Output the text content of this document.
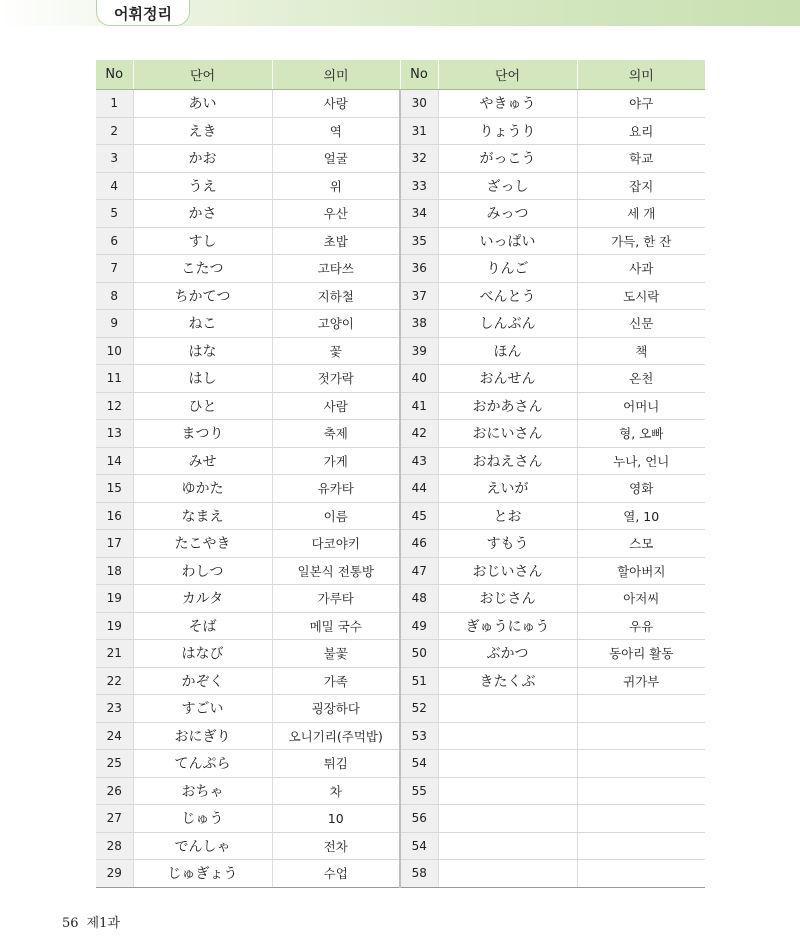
어휘정리
No	단어	의미	No	단어	의미
1	あい	사랑	30	やきゅう	야구
2	えき	역	31	りょうり	요리
3	かお	얼굴	32	がっこう	학교
4	うえ	위	33	ざっし	잡지
5	かさ	우산	34	みっつ	세 개
6	すし	초밥	35	いっぱい	가득, 한 잔
7	こたつ	고타쓰	36	りんご	사과
8	ちかてつ	지하철	37	べんとう	도시락
9	ねこ	고양이	38	しんぶん	신문
10	はな	꽃	39	ほん	책
11	はし	젓가락	40	おんせん	온천
12	ひと	사람	41	おかあさん	어머니
13	まつり	축제	42	おにいさん	형, 오빠
14	みせ	가게	43	おねえさん	누나, 언니
15	ゆかた	유카타	44	えいが	영화
16	なまえ	이름	45	とお	열, 10
17	たこやき	다코야키	46	すもう	스모
18	わしつ	일본식 전통방	47	おじいさん	할아버지
19	カルタ	가루타	48	おじさん	아저씨
19	そば	메밀 국수	49	ぎゅうにゅう	우유
21	はなび	불꽃	50	ぶかつ	동아리 활동
22	かぞく	가족	51	きたくぶ	귀가부
23	すごい	굉장하다	52		
24	おにぎり	오니기리(주먹밥)	53		
25	てんぷら	튀김	54		
26	おちゃ	차	55		
27	じゅう	10	56		
28	でんしゃ	전차	54		
29	じゅぎょう	수업	58		
56 제1과
